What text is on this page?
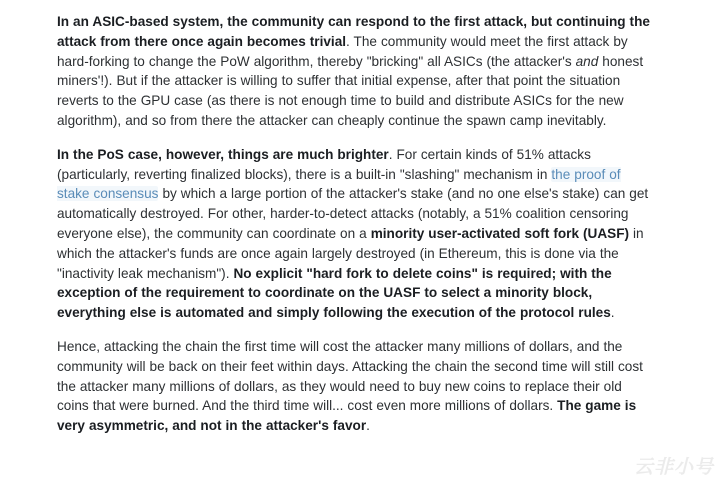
In an ASIC-based system, the community can respond to the first attack, but continuing the attack from there once again becomes trivial. The community would meet the first attack by hard-forking to change the PoW algorithm, thereby "bricking" all ASICs (the attacker's and honest miners'!). But if the attacker is willing to suffer that initial expense, after that point the situation reverts to the GPU case (as there is not enough time to build and distribute ASICs for the new algorithm), and so from there the attacker can cheaply continue the spawn camp inevitably.

In the PoS case, however, things are much brighter. For certain kinds of 51% attacks (particularly, reverting finalized blocks), there is a built-in "slashing" mechanism in the proof of stake consensus by which a large portion of the attacker's stake (and no one else's stake) can get automatically destroyed. For other, harder-to-detect attacks (notably, a 51% coalition censoring everyone else), the community can coordinate on a minority user-activated soft fork (UASF) in which the attacker's funds are once again largely destroyed (in Ethereum, this is done via the "inactivity leak mechanism"). No explicit "hard fork to delete coins" is required; with the exception of the requirement to coordinate on the UASF to select a minority block, everything else is automated and simply following the execution of the protocol rules.

Hence, attacking the chain the first time will cost the attacker many millions of dollars, and the community will be back on their feet within days. Attacking the chain the second time will still cost the attacker many millions of dollars, as they would need to buy new coins to replace their old coins that were burned. And the third time will... cost even more millions of dollars. The game is very asymmetric, and not in the attacker's favor.

云非小号
